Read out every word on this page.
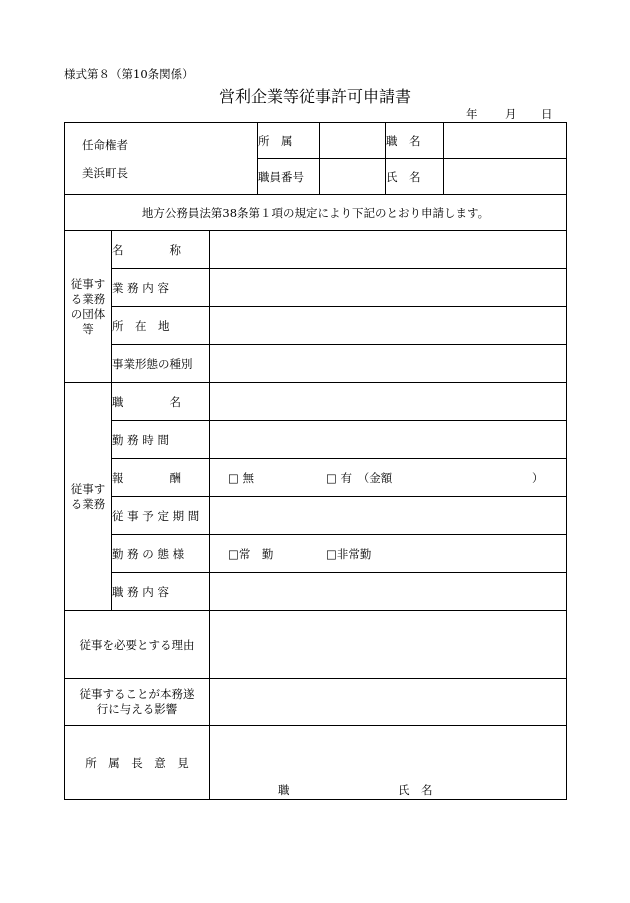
様式第８（第10条関係）
営利企業等従事許可申請書
年 月 日
任命権者
美浜町長			所　属		職　名	
			職員番号		氏　名	
地方公務員法第38条第１項の規定により下記のとおり申請します。						

従事する業務の団体等	名　　　　称					
	業 務 内 容					
	所　在　地					
	事業形態の種別					

従事する業務	職　　　　名					
	勤 務 時 間					
	報　　　　酬	□ 無 □ 有　（金額 ）				

	従 事 予 定 期 間					
	勤 務 の 態 様	□常　勤 □非常勤				

	職 務 内 容					
従事を必要とする理由						

従事することが本務遂行に与える影響						

所　属　長　意　見		職 氏　名				
